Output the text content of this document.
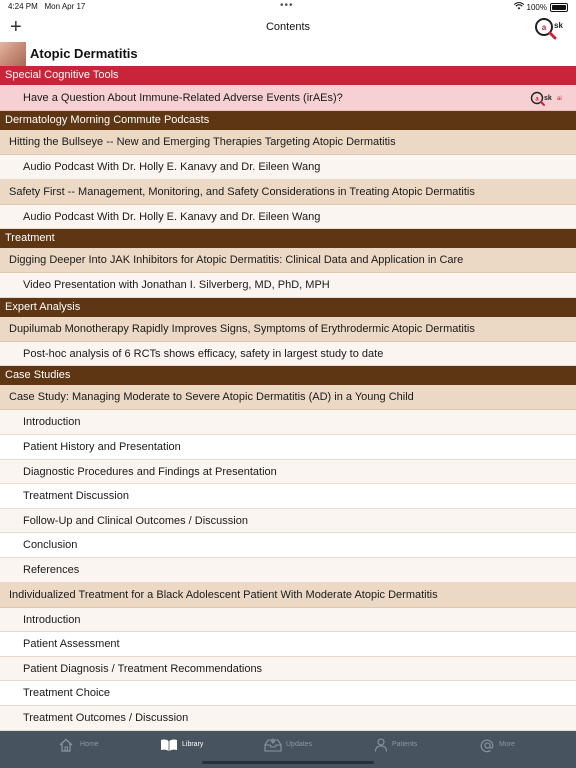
4:24 PM Mon Apr 17	•••	100%
+	Contents	a sk
Atopic Dermatitis
Special Cognitive Tools
Have a Question About Immune-Related Adverse Events (irAEs)?	a sk ai
Dermatology Morning Commute Podcasts
Hitting the Bullseye -- New and Emerging Therapies Targeting Atopic Dermatitis
Audio Podcast With Dr. Holly E. Kanavy and Dr. Eileen Wang
Safety First -- Management, Monitoring, and Safety Considerations in Treating Atopic Dermatitis
Audio Podcast With Dr. Holly E. Kanavy and Dr. Eileen Wang
Treatment
Digging Deeper Into JAK Inhibitors for Atopic Dermatitis: Clinical Data and Application in Care
Video Presentation with Jonathan I. Silverberg, MD, PhD, MPH
Expert Analysis
Dupilumab Monotherapy Rapidly Improves Signs, Symptoms of Erythrodermic Atopic Dermatitis
Post-hoc analysis of 6 RCTs shows efficacy, safety in largest study to date
Case Studies
Case Study: Managing Moderate to Severe Atopic Dermatitis (AD) in a Young Child
Introduction
Patient History and Presentation
Diagnostic Procedures and Findings at Presentation
Treatment Discussion
Follow-Up and Clinical Outcomes / Discussion
Conclusion
References
Individualized Treatment for a Black Adolescent Patient With Moderate Atopic Dermatitis
Introduction
Patient Assessment
Patient Diagnosis / Treatment Recommendations
Treatment Choice
Treatment Outcomes / Discussion
Home	Library	Updates	Patients	More
